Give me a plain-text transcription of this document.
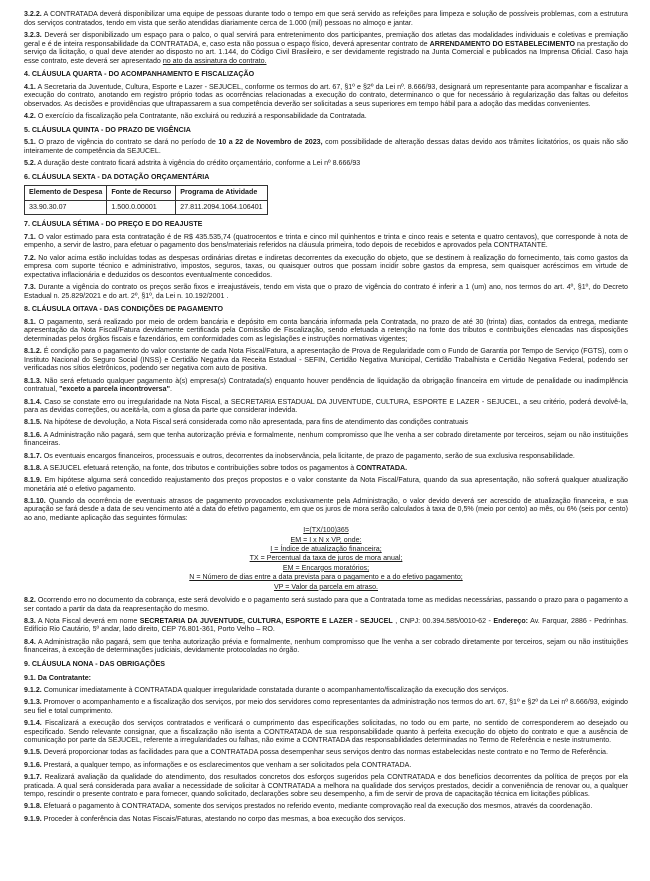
3.2.2. A CONTRATADA deverá disponibilizar uma equipe de pessoas durante todo o tempo em que será servido as refeições para limpeza e solução de possíveis problemas, com a estrutura dos serviços contratados, tendo em vista que serão atendidas diariamente cerca de 1.000 (mil) pessoas no almoço e jantar.

3.2.3. Deverá ser disponibilizado um espaço para o palco, o qual servirá para entretenimento dos participantes, premiação dos atletas das modalidades individuais e coletivas e premiação geral e é de inteira responsabilidade da CONTRATADA, e, caso esta não possua o espaço físico, deverá apresentar contrato de ARRENDAMENTO DO ESTABELECIMENTO na prestação do serviço da licitação, o qual deve atender ao disposto no art. 1.144, do Código Civil Brasileiro, e ser devidamente registrado na Junta Comercial e publicados na Imprensa Oficial. Caso haja esse contrato, este deverá ser apresentado no ato da assinatura do contrato.

4. CLÁUSULA QUARTA - DO ACOMPANHAMENTO E FISCALIZAÇÃO

4.1. A Secretaria da Juventude, Cultura, Esporte e Lazer - SEJUCEL, conforme os termos do art. 67, §1º e §2º da Lei nº. 8.666/93, designará um representante para acompanhar e fiscalizar a execução do contrato, anotando em registro próprio todas as ocorrências relacionadas a execução do contrato, determinanco o que for necessário à regularização das faltas ou defeitos observados. As decisões e providências que ultrapassarem a sua competência deverão ser solicitadas a seus superiores em tempo hábil para a adoção das medidas convenientes.

4.2. O exercício da fiscalização pela Contratante, não excluirá ou reduzirá a responsabilidade da Contratada.

5. CLÁUSULA QUINTA - DO PRAZO DE VIGÊNCIA

5.1. O prazo de vigência do contrato se dará no período de 10 a 22 de Novembro de 2023, com possibilidade de alteração dessas datas devido aos trâmites licitatórios, os quais não são inteiramente de competência da SEJUCEL.

5.2. A duração deste contrato ficará adstrita à vigência do crédito orçamentário, conforme a Lei nº 8.666/93

6. CLÁUSULA SEXTA - DA DOTAÇÃO ORÇAMENTÁRIA
Elemento de Despesa	Fonte de Recurso	Programa de Atividade
33.90.30.07	1.500.0.00001	27.811.2094.1064.106401
7. CLÁUSULA SÉTIMA - DO PREÇO E DO REAJUSTE

7.1. O valor estimado para esta contratação é de R$ 435.535,74 (quatrocentos e trinta e cinco mil quinhentos e trinta e cinco reais e setenta e quatro centavos), que corresponde à nota de empenho, a servir de lastro, para efetuar o pagamento dos bens/materiais referidos na cláusula primeira, todo depois de recebidos e aprovados pela CONTRATANTE.

7.2. No valor acima estão incluídas todas as despesas ordinárias diretas e indiretas decorrentes da execução do objeto, que se destinem à realização do fornecimento, tais como gastos da empresa com suporte técnico e administrativo, impostos, seguros, taxas, ou quaisquer outros que possam incidir sobre gastos da empresa, sem quaisquer acréscimos em virtude de expectativa inflacionária e deduzidos os descontos eventualmente concedidos.

7.3. Durante a vigência do contrato os preços serão fixos e irreajustáveis, tendo em vista que o prazo de vigência do contrato é inferir a 1 (um) ano, nos termos do art. 4º, §1º, do Decreto Estadual n. 25.829/2021 e do art. 2º, §1º, da Lei n. 10.192/2001 .

8. CLÁUSULA OITAVA - DAS CONDIÇÕES DE PAGAMENTO

8.1. O pagamento, será realizado por meio de ordem bancária e depósito em conta bancária informada pela Contratada, no prazo de até 30 (trinta) dias, contados da entrega, mediante apresentação da Nota Fiscal/Fatura devidamente certificada pela Comissão de Fiscalização, sendo efetuada a retenção na fonte dos tributos e contribuições elencadas nas disposições determinadas pelos órgãos fiscais e fazendários, em conformidades com as legislações e instruções normativas vigentes;

8.1.2. É condição para o pagamento do valor constante de cada Nota Fiscal/Fatura, a apresentação de Prova de Regularidade com o Fundo de Garantia por Tempo de Serviço (FGTS), com o Instituto Nacional do Seguro Social (INSS) e Certidão Negativa da Receita Estadual - SEFIN, Certidão Negativa Municipal, Certidão Trabalhista e Certidão Negativa Federal, podendo ser verificadas nos sítios eletrônicos, podendo ser negativa com auto de positiva.

8.1.3. Não será efetuado qualquer pagamento à(s) empresa(s) Contratada(s) enquanto houver pendência de liquidação da obrigação financeira em virtude de penalidade ou inadimplência contratual, "exceto a parcela incontroversa".

8.1.4. Caso se constate erro ou irregularidade na Nota Fiscal, a SECRETARIA ESTADUAL DA JUVENTUDE, CULTURA, ESPORTE E LAZER - SEJUCEL, a seu critério, poderá devolvê-la, para as devidas correções, ou aceitá-la, com a glosa da parte que considerar indevida.

8.1.5. Na hipótese de devolução, a Nota Fiscal será considerada como não apresentada, para fins de atendimento das condições contratuais

8.1.6. A Administração não pagará, sem que tenha autorização prévia e formalmente, nenhum compromisso que lhe venha a ser cobrado diretamente por terceiros, sejam ou não instituições financeiras.

8.1.7. Os eventuais encargos financeiros, processuais e outros, decorrentes da inobservância, pela licitante, de prazo de pagamento, serão de sua exclusiva responsabilidade.

8.1.8. A SEJUCEL efetuará retenção, na fonte, dos tributos e contribuições sobre todos os pagamentos à CONTRATADA.

8.1.9. Em hipótese alguma será concedido reajustamento dos preços propostos e o valor constante da Nota Fiscal/Fatura, quando da sua apresentação, não sofrerá qualquer atualização monetária até o efetivo pagamento.

8.1.10. Quando da ocorrência de eventuais atrasos de pagamento provocados exclusivamente pela Administração, o valor devido deverá ser acrescido de atualização financeira, e sua apuração se fará desde a data de seu vencimento até a data do efetivo pagamento, em que os juros de mora serão calculados à taxa de 0,5% (meio por cento) ao mês, ou 6% (seis por cento) ao ano, mediante aplicação das seguintes fórmulas:

I=(TX/100)365
EM = I x N x VP, onde:
I = Índice de atualização financeira;
TX = Percentual da taxa de juros de mora anual;
EM = Encargos moratórios;
N = Número de dias entre a data prevista para o pagamento e a do efetivo pagamento;
VP = Valor da parcela em atraso.

8.2. Ocorrendo erro no documento da cobrança, este será devolvido e o pagamento será sustado para que a Contratada tome as medidas necessárias, passando o prazo para o pagamento a ser contado a partir da data da reapresentação do mesmo.

8.3. A Nota Fiscal deverá em nome SECRETARIA DA JUVENTUDE, CULTURA, ESPORTE E LAZER - SEJUCEL , CNPJ: 00.394.585/0010-62 - Endereço: Av. Farquar, 2886 - Pedrinhas. Edifício Rio Cautário, 5º andar, lado direito, CEP 76.801-361, Porto Velho – RO.

8.4. A Administração não pagará, sem que tenha autorização prévia e formalmente, nenhum compromisso que lhe venha a ser cobrado diretamente por terceiros, sejam ou não instituições financeiras, à exceção de determinações judiciais, devidamente protocoladas no órgão.

9. CLÁUSULA NONA - DAS OBRIGAÇÕES
9.1. Da Contratante:

9.1.2. Comunicar imediatamente à CONTRATADA qualquer irregularidade constatada durante o acompanhamento/fiscalização da execução dos serviços.

9.1.3. Promover o acompanhamento e a fiscalização dos serviços, por meio dos servidores como representantes da administração nos termos do art. 67, §1º e §2º da Lei nº 8.666/93, exigindo seu fiel e total cumprimento.

9.1.4. Fiscalizará a execução dos serviços contratados e verificará o cumprimento das especificações solicitadas, no todo ou em parte, no sentido de corresponderem ao desejado ou especificado. Sendo relevante consignar, que a fiscalização não isenta a CONTRATADA de sua responsabilidade quanto à perfeita execução do objeto do contrato e que a ausência de comunicação por parte da SEJUCEL, referente a irregularidades ou falhas, não exime a CONTRATADA das responsabilidades determinadas no Termo de Referência e neste instrumento.

9.1.5. Deverá proporcionar todas as facilidades para que a CONTRATADA possa desempenhar seus serviços dentro das normas estabelecidas neste contrato e no Termo de Referência.

9.1.6. Prestará, a qualquer tempo, as informações e os esclarecimentos que venham a ser solicitados pela CONTRATADA.

9.1.7. Realizará avaliação da qualidade do atendimento, dos resultados concretos dos esforços sugeridos pela CONTRATADA e dos benefícios decorrentes da política de preços por ela praticada. A qual será considerada para avaliar a necessidade de solicitar à CONTRATADA a melhora na qualidade dos serviços prestados, decidir a conveniência de renovar ou, a qualquer tempo, rescindir o presente contrato e para fornecer, quando solicitado, declarações sobre seu desempenho, a fim de servir de prova de capacitação técnica em licitações públicas.

9.1.8. Efetuará o pagamento à CONTRATADA, somente dos serviços prestados no referido evento, mediante comprovação real da execução dos mesmos, através da coordenação.

9.1.9. Proceder à conferência das Notas Fiscais/Faturas, atestando no corpo das mesmas, a boa execução dos serviços.
